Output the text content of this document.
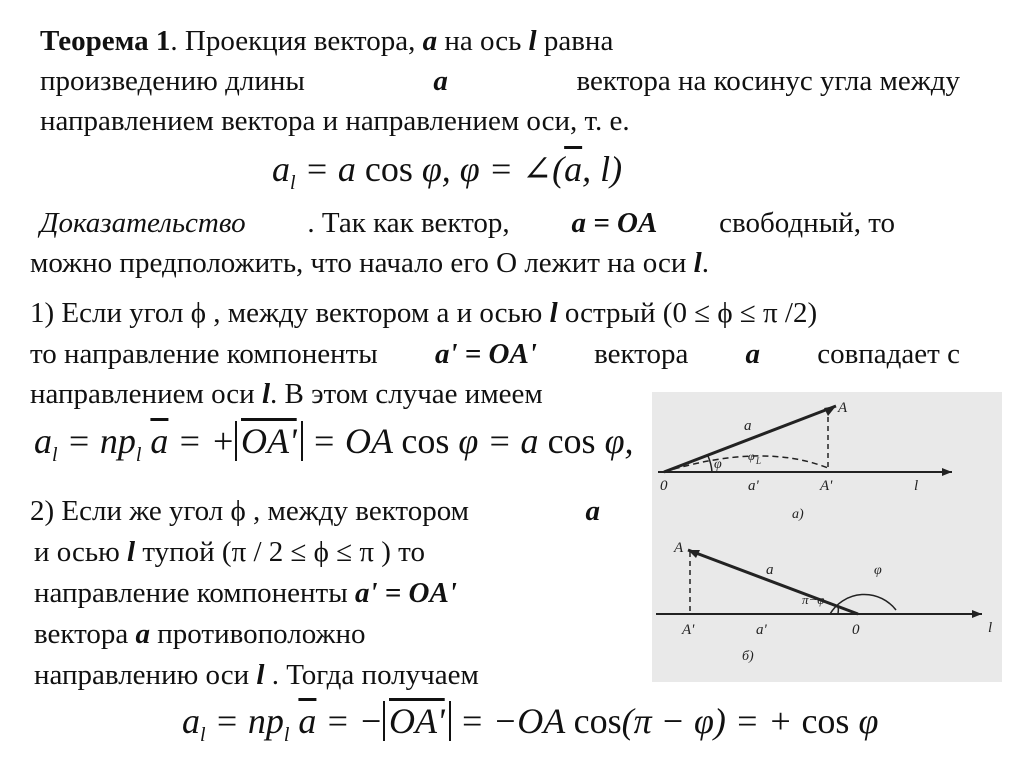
Теорема 1. Проекция вектора, a на ось l равна
произведению длины	a	вектора на косинус угла между
направлением вектора и направлением оси, т. е.
$a_l = a$ cos φ, $\varphi = \angle(\overline{a}$, l)
Доказательство . Так как вектор, a = OA свободный, то
можно предположить, что начало его О лежит на оси l.
1) Если угол ϕ , между вектором а и осью l острый (0 ≤ ϕ ≤ π /2)
то направление компоненты a' = OA' вектора a совпадает с
направлением оси l. В этом случае имеем
$a_l = np_l$ $\overline{a}$ = + OA' = OA cos φ = a cos φ,
A
a
φ
φ L
0	a'	A'	l
a)
2) Если же угол ϕ , между вектором	a
и осью l тупой (π / 2 ≤ ϕ ≤ π ) то
направление компоненты a' = OA'
вектора a противоположно
направлению оси l . Тогда получаем
A
a
π−φ
φ
A'	a'	0	l
б)
$a_l = np_l$ $\overline{a}$ = − OA' = −OA cos(π − φ) = + cos φ
